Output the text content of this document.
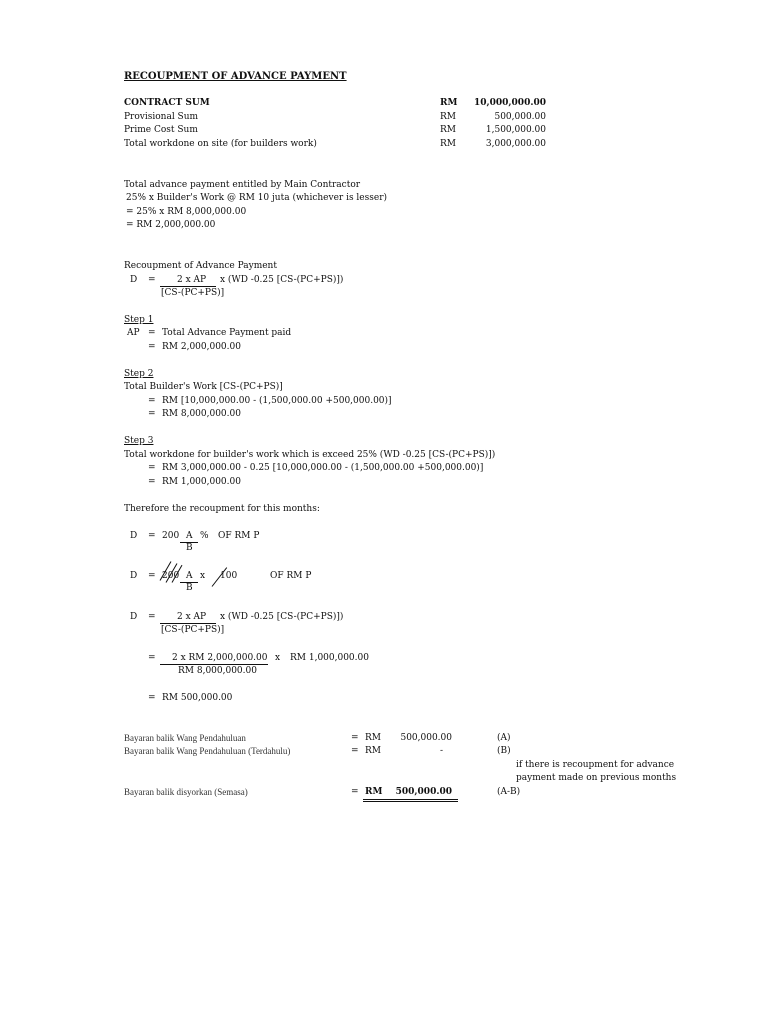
RECOUPMENT OF ADVANCE PAYMENT
CONTRACT SUM	RM	10,000,000.00
Provisional Sum	RM	500,000.00
Prime Cost Sum	RM	1,500,000.00
Total workdone on site (for builders work)	RM	3,000,000.00
Total advance payment entitled by Main Contractor
25% x Builder's Work @ RM 10 juta (whichever is lesser)
= 25% x RM 8,000,000.00
= RM 2,000,000.00
Recoupment of Advance Payment
D = 2 x AP x (WD -0.25 [CS-(PC+PS)])
[CS-(PC+PS)]
Step 1
AP = Total Advance Payment paid
= RM 2,000,000.00
Step 2
Total Builder's Work [CS-(PC+PS)]
= RM [10,000,000.00 - (1,500,000.00 +500,000.00)]
= RM 8,000,000.00
Step 3
Total workdone for builder's work which is exceed 25% (WD -0.25 [CS-(PC+PS)])
= RM 3,000,000.00 - 0.25 [10,000,000.00 - (1,500,000.00 +500,000.00)]
= RM 1,000,000.00
Therefore the recoupment for this months:
D = 200 A % OF RM P
B
D = 200 A x 100	OF RM P
B
D = 2 x AP x (WD -0.25 [CS-(PC+PS)])
[CS-(PC+PS)]
= 2 x RM 2,000,000.00 x RM 1,000,000.00
RM 8,000,000.00
= RM 500,000.00
Bayaran balik Wang Pendahuluan	= RM	500,000.00	(A)
Bayaran balik Wang Pendahuluan (Terdahulu)	= RM	-	(B)
if there is recoupment for advance
payment made on previous months
Bayaran balik disyorkan (Semasa)	= RM	500,000.00	(A-B)
